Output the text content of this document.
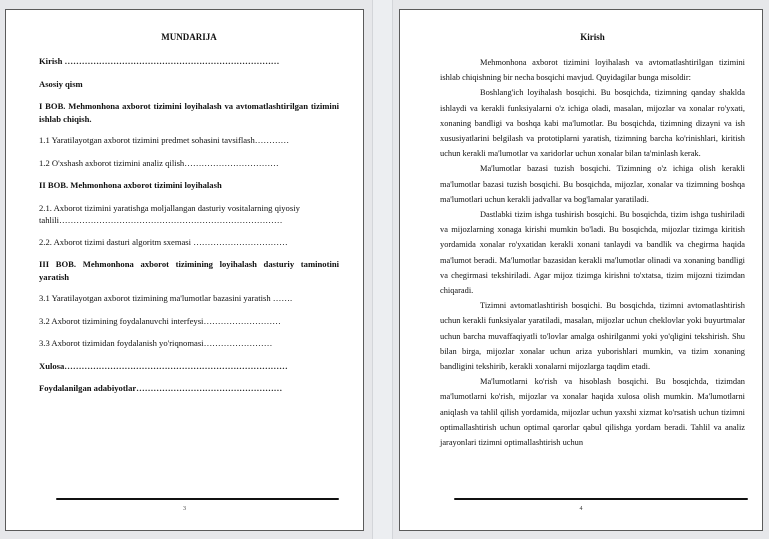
MUNDARIJA
Kirish …………………………………………………………………
Asosiy qism
I BOB. Mehmonhona axborot tizimini loyihalash va avtomatlashtirilgan tizimini ishlab chiqish.
1.1 Yaratilayotgan axborot tizimini predmet sohasini tavsiflash…………
1.2 O'xshash axborot tizimini analiz qilish……………………………
II BOB. Mehmonhona axborot tizimini loyihalash
2.1. Axborot tizimini yaratishga moljallangan dasturiy vositalarning qiyosiy tahlili……………………………………………………………………
2.2. Axborot tizimi dasturi algoritm sxemasi ……………………………
III BOB. Mehmonhona axborot tizimining loyihalash dasturiy taminotini yaratish
3.1 Yaratilayotgan axborot tizimining ma'lumotlar bazasini yaratish …….
3.2 Axborot tizimining foydalanuvchi interfeysi………………………
3.3 Axborot tizimidan foydalanish yo'riqnomasi……………………
Xulosa……………………………………………………………………
Foydalanilgan adabiyotlar……………………………………………
3
Kirish

Mehmonhona axborot tizimini loyihalash va avtomatlashtirilgan tizimini ishlab chiqishning bir necha bosqichi mavjud. Quyidagilar bunga misoldir:

Boshlang'ich loyihalash bosqichi. Bu bosqichda, tizimning qanday shaklda ishlaydi va kerakli funksiyalarni o'z ichiga oladi, masalan, mijozlar va xonalar ro'yxati, xonaning bandligi va boshqa kabi ma'lumotlar. Bu bosqichda, tizimning dizayni va ish xususiyatlarini belgilash va prototiplarni yaratish, tizimning barcha ko'rinishlari, kiritish uchun kerakli ma'lumotlar va xaridorlar uchun xonalar bilan ta'minlash kerak.

Ma'lumotlar bazasi tuzish bosqichi. Tizimning o'z ichiga olish kerakli ma'lumotlar bazasi tuzish bosqichi. Bu bosqichda, mijozlar, xonalar va tizimning boshqa ma'lumotlari uchun kerakli jadvallar va bog'lamalar yaratiladi.

Dastlabki tizim ishga tushirish bosqichi. Bu bosqichda, tizim ishga tushiriladi va mijozlarning xonaga kirishi mumkin bo'ladi. Bu bosqichda, mijozlar tizimga kiritish yordamida xonalar ro'yxatidan kerakli xonani tanlaydi va bandlik va chegirma haqida ma'lumot beradi. Ma'lumotlar bazasidan kerakli ma'lumotlar olinadi va xonaning bandligi va chegirmasi tekshiriladi. Agar mijoz tizimga kirishni to'xtatsa, tizim mijozni tizimdan chiqaradi.

Tizimni avtomatlashtirish bosqichi. Bu bosqichda, tizimni avtomatlashtirish uchun kerakli funksiyalar yaratiladi, masalan, mijozlar uchun cheklovlar yoki buyurtmalar uchun barcha muvaffaqiyatli to'lovlar amalga oshirilganmi yoki yo'qligini tekshirish. Shu bilan birga, mijozlar xonalar uchun ariza yuborishlari mumkin, va tizim xonaning bandligini tekshirib, kerakli xonalarni mijozlarga taqdim etadi.

Ma'lumotlarni ko'rish va hisoblash bosqichi. Bu bosqichda, tizimdan ma'lumotlarni ko'rish, mijozlar va xonalar haqida xulosa olish mumkin. Ma'lumotlarni aniqlash va tahlil qilish yordamida, mijozlar uchun yaxshi xizmat ko'rsatish uchun tizimni optimallashtirish uchun optimal qarorlar qabul qilishga yordam beradi. Tahlil va analiz jarayonlari tizimni optimallashtirish uchun

4
